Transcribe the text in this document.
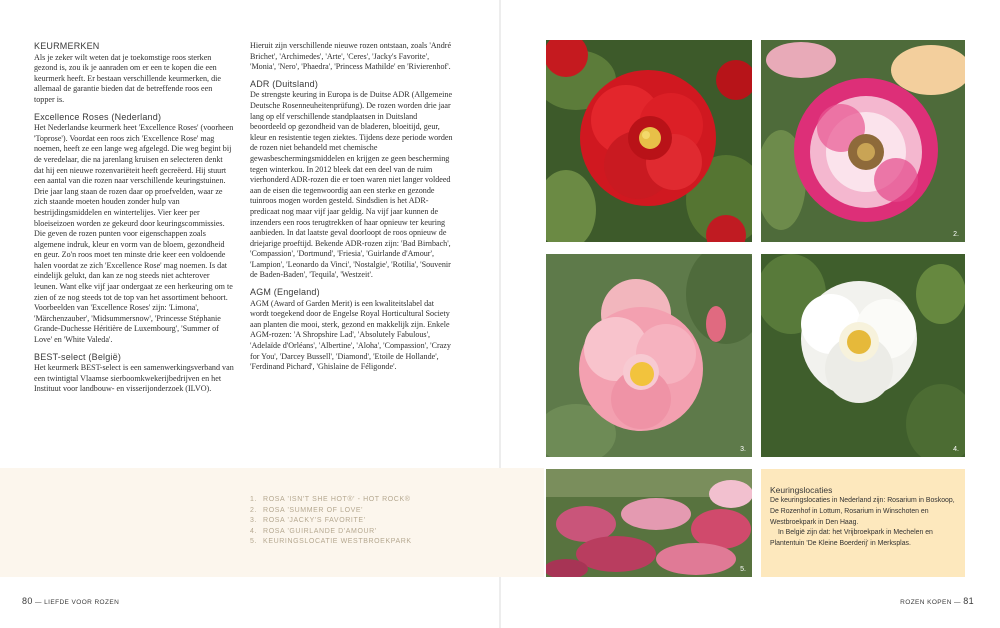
KEURMERKEN

Als je zeker wilt weten dat je toekomstige roos sterken gezond is, zou ik je aanraden om er een te kopen die een keurmerk heeft. Er bestaan verschillende keurmerken, die allemaal de garantie bieden dat de betreffende roos een topper is.

Excellence Roses (Nederland)

Het Nederlandse keurmerk heet 'Excellence Roses' (voorheen 'Toprose'). Voordat een roos zich 'Excellence Rose' mag noemen, heeft ze een lange weg afgelegd. Die weg begint bij de veredelaar, die na jarenlang kruisen en selecteren denkt dat hij een nieuwe rozenvariëteit heeft gecreëerd. Hij stuurt een aantal van die rozen naar verschillende keuringstuinen. Drie jaar lang staan de rozen daar op proefvelden, waar ze zich staande moeten houden zonder hulp van bestrijdingsmiddelen en wintertelijes. Vier keer per bloeiseizoen worden ze gekeurd door keuringscommissies. Die geven de rozen punten voor eigenschappen zoals algemene indruk, kleur en vorm van de bloem, gezondheid en geur. Zo'n roos moet ten minste drie keer een voldoende halen voordat ze zich 'Excellence Rose' mag noemen. Is dat eindelijk gelukt, dan kan ze nog steeds niet achterover leunen. Want elke vijf jaar ondergaat ze een herkeuring om te zien of ze nog steeds tot de top van het assortiment behoort. Voorbeelden van 'Excellence Roses' zijn: 'Limona', 'Märchenzauber', 'Midsummersnow', 'Princesse Stéphanie Grande-Duchesse Héritière de Luxembourg', 'Summer of Love' en 'White Valeda'.

BEST-select (België)

Het keurmerk BEST-select is een samenwerkingsverband van een twintigtal Vlaamse sierboomkwekerijbedrijven en het Instituut voor landbouw- en visserijonderzoek (ILVO).

Hieruit zijn verschillende nieuwe rozen ontstaan, zoals 'André Brichet', 'Archimedes', 'Arte', 'Ceres', 'Jacky's Favorite', 'Monia', 'Nero', 'Phaedra', 'Princess Mathilde' en 'Rivierenhof'.

ADR (Duitsland)

De strengste keuring in Europa is de Duitse ADR (Allgemeine Deutsche Rosenneuheitenprüfung). De rozen worden drie jaar lang op elf verschillende standplaatsen in Duitsland beoordeeld op gezondheid van de bladeren, bloeitijd, geur, kleur en resistentie tegen ziektes. Tijdens deze periode worden de rozen niet behandeld met chemische gewasbeschermingsmiddelen en krijgen ze geen bescherming tegen winterkou. In 2012 bleek dat een deel van de ruim vierhonderd ADR-rozen die er toen waren niet langer voldeed aan de eisen die tegenwoordig aan een sterke en gezonde tuinroos mogen worden gesteld. Sindsdien is het ADR-predicaat nog maar vijf jaar geldig. Na vijf jaar kunnen de inzenders een roos terugtrekken of haar opnieuw ter keuring aanbieden. In dat laatste geval doorloopt de roos opnieuw de driejarige proeftijd. Bekende ADR-rozen zijn: 'Bad Birnbach', 'Compassion', 'Dortmund', 'Friesia', 'Guirlande d'Amour', 'Lampion', 'Leonardo da Vinci', 'Nostalgie', 'Rotilia', 'Souvenir de Baden-Baden', 'Tequila', 'Westzeit'.

AGM (Engeland)

AGM (Award of Garden Merit) is een kwaliteitslabel dat wordt toegekend door de Engelse Royal Horticultural Society aan planten die mooi, sterk, gezond en makkelijk zijn. Enkele AGM-rozen: 'A Shropshire Lad', 'Absolutely Fabulous', 'Adelaïde d'Orléans', 'Albertine', 'Aloha', 'Compassion', 'Crazy for You', 'Darcey Bussell', 'Diamond', 'Etoile de Hollande', 'Ferdinand Pichard', 'Ghislaine de Féligonde'.

1. ROSA 'ISN'T SHE HOT®' - HOT ROCK®
2. ROSA 'SUMMER OF LOVE'
3. ROSA 'JACKY'S FAVORITE'
4. ROSA 'GUIRLANDE D'AMOUR'
5. KEURINGSLOCATIE WESTBROEKPARK
80 — LIEFDE VOOR ROZEN
2.
3.	4.
5.
Keuringslocaties

De keuringslocaties in Nederland zijn: Rosarium in Boskoop, De Rozenhof in Lottum, Rosarium in Winschoten en Westbroekpark in Den Haag.

In België zijn dat: het Vrijbroekpark in Mechelen en Plantentuin 'De Kleine Boerderij' in Merksplas.

ROZEN KOPEN — 81
